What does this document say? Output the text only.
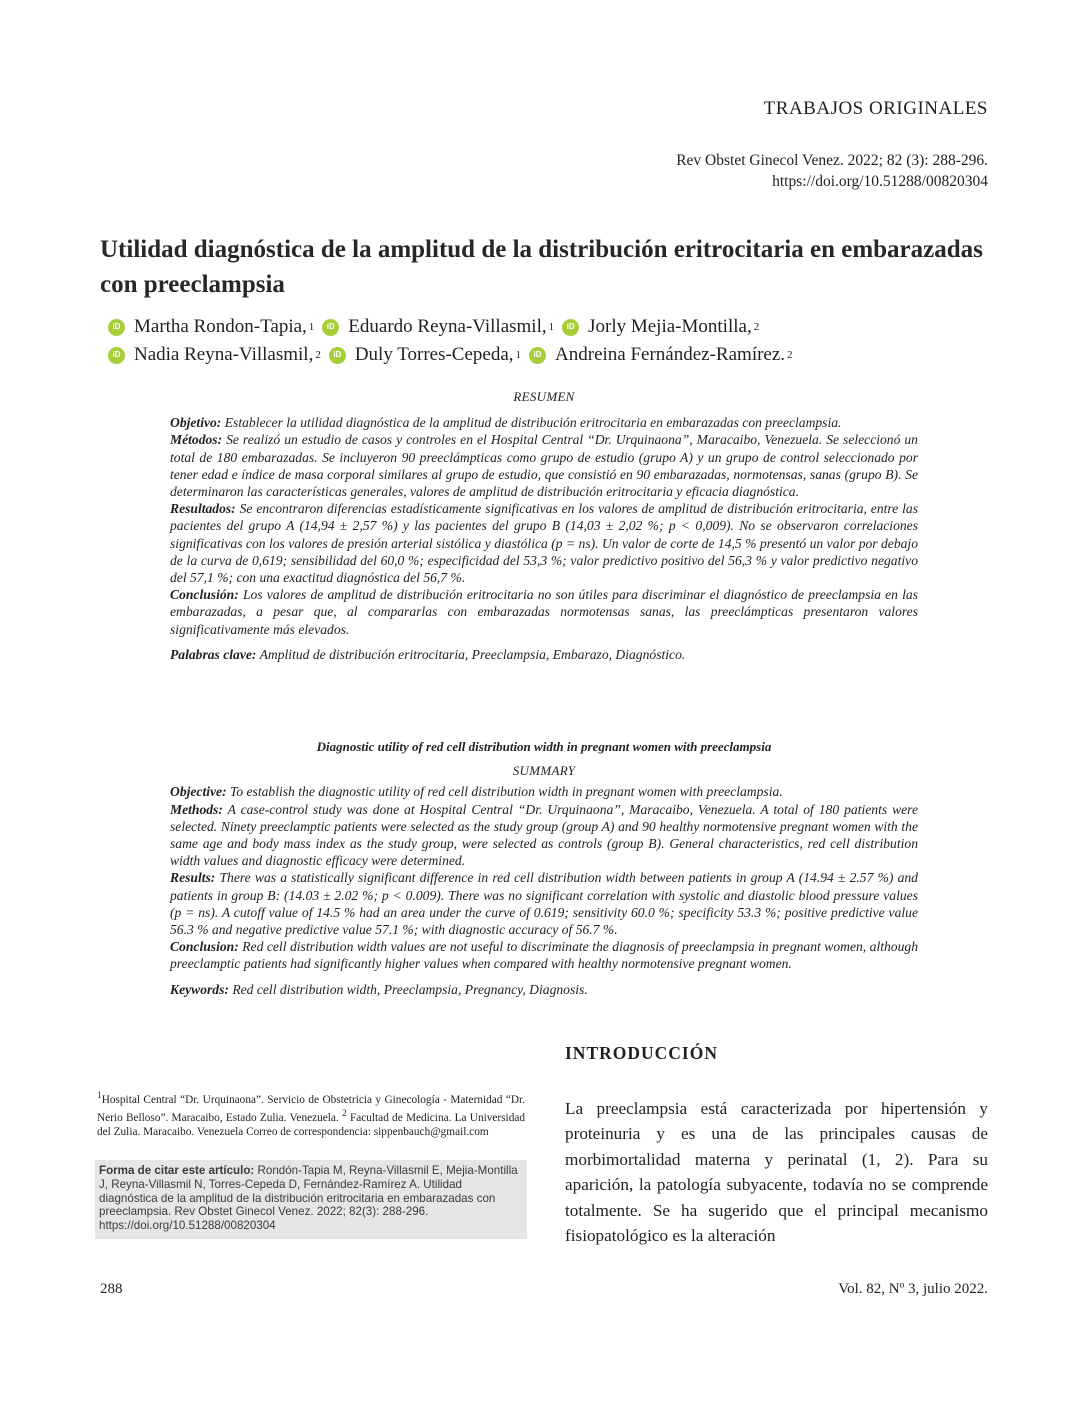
TRABAJOS ORIGINALES
Rev Obstet Ginecol Venez. 2022; 82 (3): 288-296.
https://doi.org/10.51288/00820304
Utilidad diagnóstica de la amplitud de la distribución eritrocitaria en embarazadas con preeclampsia
iD Martha Rondon-Tapia, 1	iD Eduardo Reyna-Villasmil, 1	iD Jorly Mejia-Montilla, 2
iD Nadia Reyna-Villasmil, 2	iD Duly Torres-Cepeda, 1	iD Andreina Fernández-Ramírez. 2
RESUMEN

Objetivo: Establecer la utilidad diagnóstica de la amplitud de distribución eritrocitaria en embarazadas con preeclampsia.

Métodos: Se realizó un estudio de casos y controles en el Hospital Central “Dr. Urquinaona”, Maracaibo, Venezuela. Se seleccionó un total de 180 embarazadas. Se incluyeron 90 preeclámpticas como grupo de estudio (grupo A) y un grupo de control seleccionado por tener edad e índice de masa corporal similares al grupo de estudio, que consistió en 90 embarazadas, normotensas, sanas (grupo B). Se determinaron las características generales, valores de amplitud de distribución eritrocitaria y eficacia diagnóstica.

Resultados: Se encontraron diferencias estadísticamente significativas en los valores de amplitud de distribución eritrocitaria, entre las pacientes del grupo A (14,94 ± 2,57 %) y las pacientes del grupo B (14,03 ± 2,02 %; p < 0,009). No se observaron correlaciones significativas con los valores de presión arterial sistólica y diastólica (p = ns). Un valor de corte de 14,5 % presentó un valor por debajo de la curva de 0,619; sensibilidad del 60,0 %; especificidad del 53,3 %; valor predictivo positivo del 56,3 % y valor predictivo negativo del 57,1 %; con una exactitud diagnóstica del 56,7 %.

Conclusión: Los valores de amplitud de distribución eritrocitaria no son útiles para discriminar el diagnóstico de preeclampsia en las embarazadas, a pesar que, al compararlas con embarazadas normotensas sanas, las preeclámpticas presentaron valores significativamente más elevados.

Palabras clave: Amplitud de distribución eritrocitaria, Preeclampsia, Embarazo, Diagnóstico.

Diagnostic utility of red cell distribution width in pregnant women with preeclampsia
SUMMARY

Objective: To establish the diagnostic utility of red cell distribution width in pregnant women with preeclampsia.

Methods: A case-control study was done at Hospital Central “Dr. Urquinaona”, Maracaibo, Venezuela. A total of 180 patients were selected. Ninety preeclamptic patients were selected as the study group (group A) and 90 healthy normotensive pregnant women with the same age and body mass index as the study group, were selected as controls (group B). General characteristics, red cell distribution width values and diagnostic efficacy were determined.

Results: There was a statistically significant difference in red cell distribution width between patients in group A (14.94 ± 2.57 %) and patients in group B: (14.03 ± 2.02 %; p < 0.009). There was no significant correlation with systolic and diastolic blood pressure values (p = ns). A cutoff value of 14.5 % had an area under the curve of 0.619; sensitivity 60.0 %; specificity 53.3 %; positive predictive value 56.3 % and negative predictive value 57.1 %; with diagnostic accuracy of 56.7 %.

Conclusion: Red cell distribution width values are not useful to discriminate the diagnosis of preeclampsia in pregnant women, although preeclamptic patients had significantly higher values when compared with healthy normotensive pregnant women.

Keywords: Red cell distribution width, Preeclampsia, Pregnancy, Diagnosis.

INTRODUCCIÓN
La preeclampsia está caracterizada por hipertensión y proteinuria y es una de las principales causas de morbimortalidad materna y perinatal (1, 2). Para su aparición, la patología subyacente, todavía no se comprende totalmente. Se ha sugerido que el principal mecanismo fisiopatológico es la alteración
$^1$Hospital Central “Dr. Urquinaona”. Servicio de Obstetricia y Ginecología - Maternidad “Dr. Nerio Belloso”. Maracaibo, Estado Zulia. Venezuela. $^2$ Facultad de Medicina. La Universidad del Zulia. Maracaibo. Venezuela Correo de correspondencia: sippenbauch@gmail.com
Forma de citar este artículo: Rondón-Tapia M, Reyna-Villasmil E, Mejia-Montilla J, Reyna-Villasmil N, Torres-Cepeda D, Fernández-Ramírez A. Utilidad diagnóstica de la amplitud de la distribución eritrocitaria en embarazadas con preeclampsia. Rev Obstet Ginecol Venez. 2022; 82(3): 288-296. https://doi.org/10.51288/00820304
288	Vol. 82, Nº 3, julio 2022.
